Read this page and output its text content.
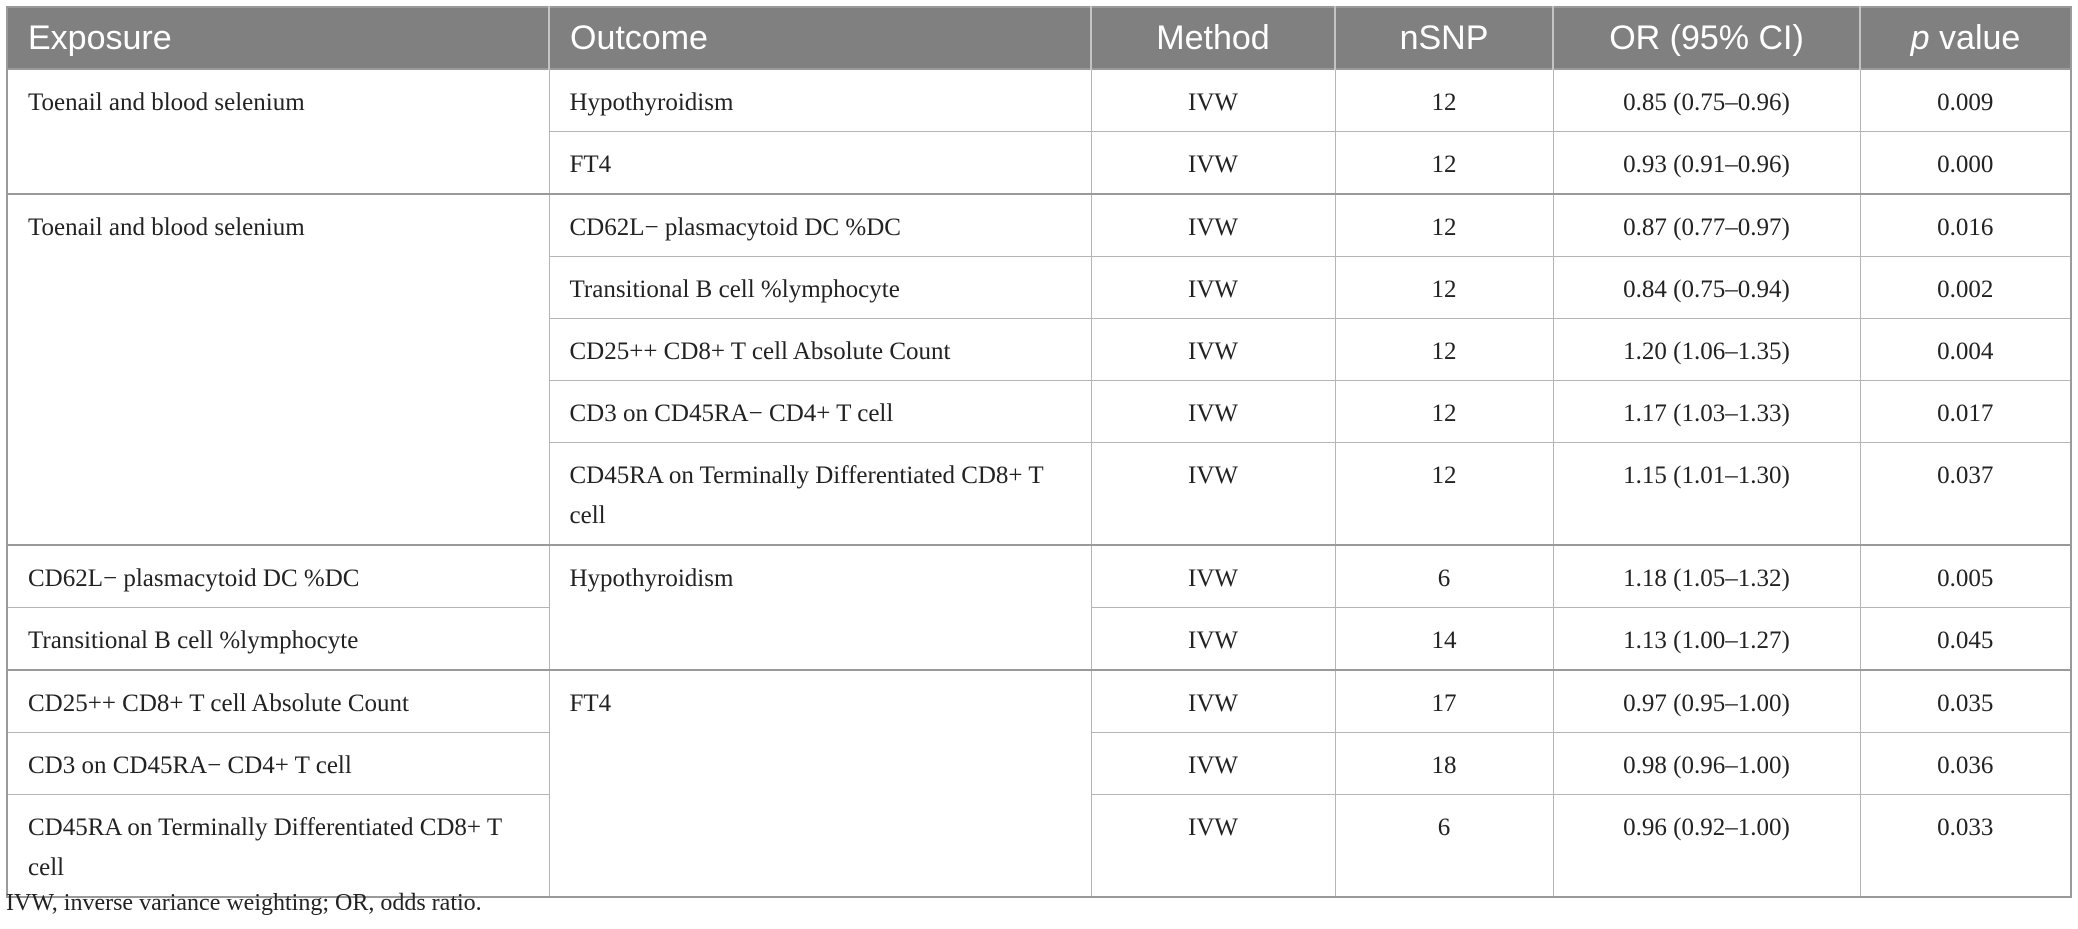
Exposure	Outcome	Method	nSNP	OR (95% CI)	p value
Toenail and blood selenium	Hypothyroidism	IVW	12	0.85 (0.75–0.96)	0.009
	FT4	IVW	12	0.93 (0.91–0.96)	0.000
Toenail and blood selenium	CD62L− plasmacytoid DC %DC	IVW	12	0.87 (0.77–0.97)	0.016
	Transitional B cell %lymphocyte	IVW	12	0.84 (0.75–0.94)	0.002
	CD25++ CD8+ T cell Absolute Count	IVW	12	1.20 (1.06–1.35)	0.004
	CD3 on CD45RA− CD4+ T cell	IVW	12	1.17 (1.03–1.33)	0.017
	CD45RA on Terminally Differentiated CD8+ T cell	IVW	12	1.15 (1.01–1.30)	0.037
CD62L− plasmacytoid DC %DC	Hypothyroidism	IVW	6	1.18 (1.05–1.32)	0.005
Transitional B cell %lymphocyte		IVW	14	1.13 (1.00–1.27)	0.045
CD25++ CD8+ T cell Absolute Count	FT4	IVW	17	0.97 (0.95–1.00)	0.035
CD3 on CD45RA− CD4+ T cell		IVW	18	0.98 (0.96–1.00)	0.036
CD45RA on Terminally Differentiated CD8+ T cell		IVW	6	0.96 (0.92–1.00)	0.033
IVW, inverse variance weighting; OR, odds ratio.
